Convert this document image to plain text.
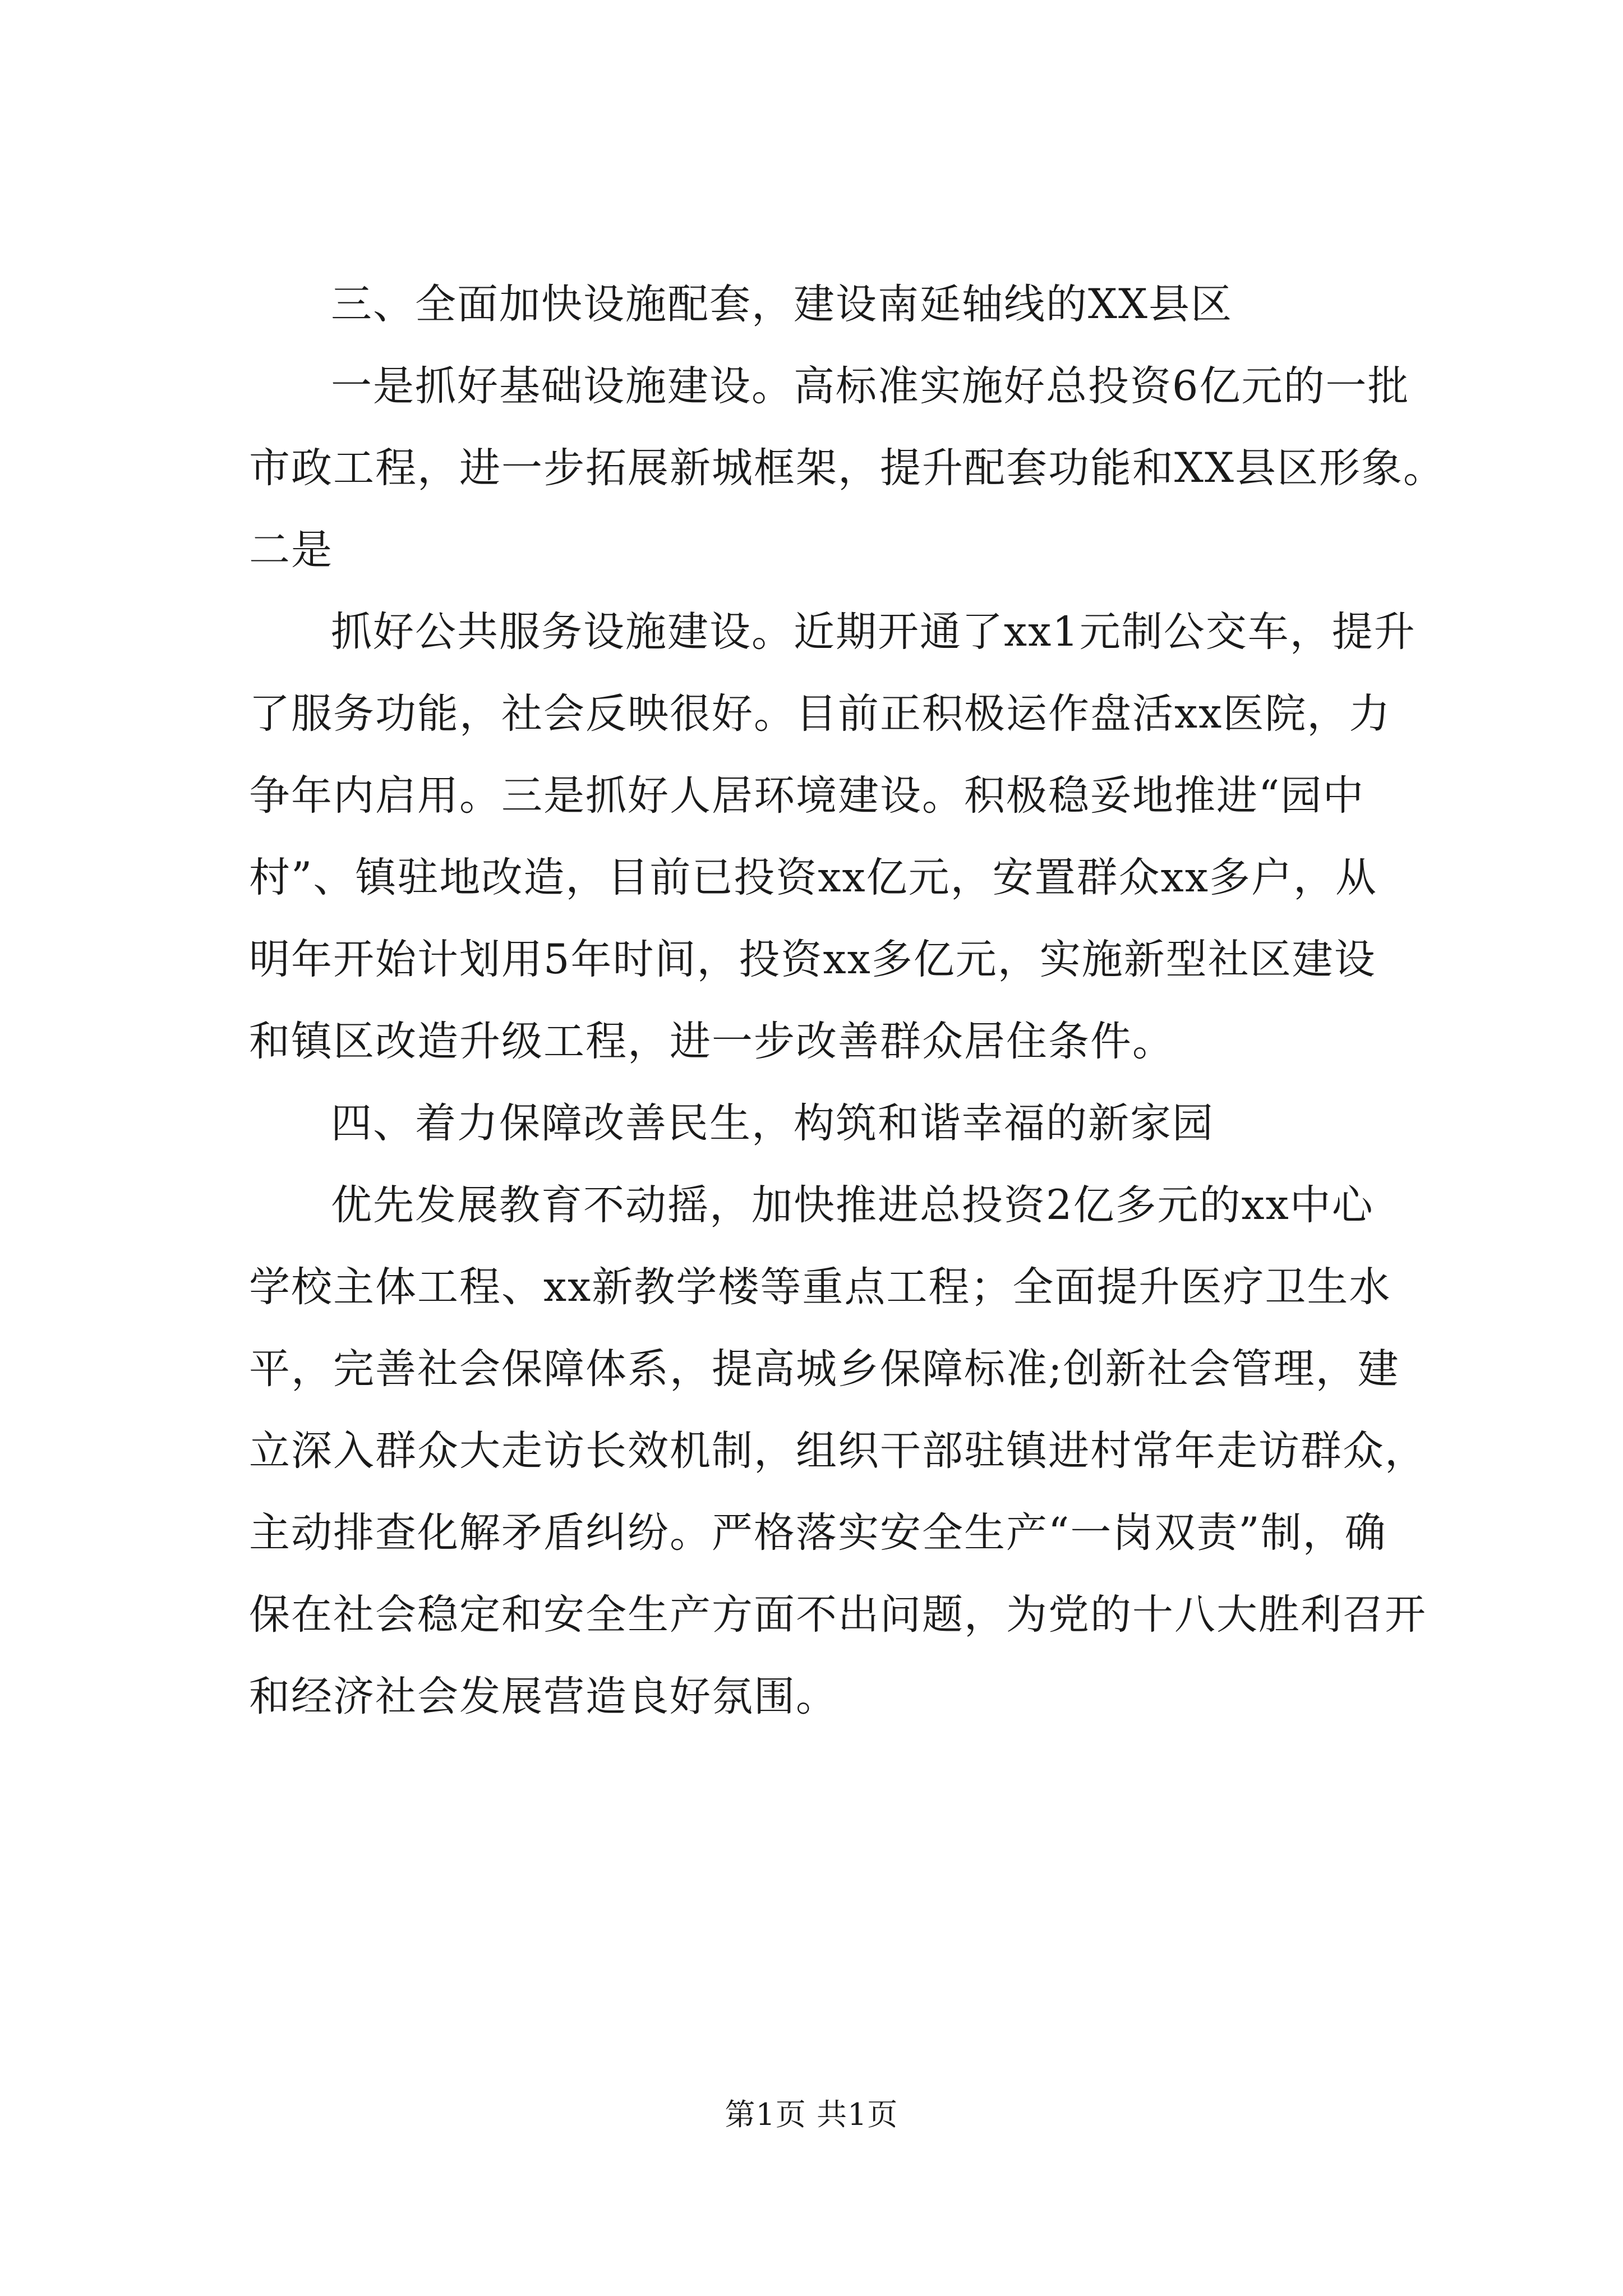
三、全面加快设施配套，建设南延轴线的XX县区
一是抓好基础设施建设。高标准实施好总投资6亿元的一批
市政工程，进一步拓展新城框架，提升配套功能和XX县区形象。
二是
抓好公共服务设施建设。近期开通了xx1元制公交车，提升
了服务功能，社会反映很好。目前正积极运作盘活xx医院，力
争年内启用。三是抓好人居环境建设。积极稳妥地推进“园中
村”、镇驻地改造，目前已投资xx亿元，安置群众xx多户，从
明年开始计划用5年时间，投资xx多亿元，实施新型社区建设
和镇区改造升级工程，进一步改善群众居住条件。
四、着力保障改善民生，构筑和谐幸福的新家园
优先发展教育不动摇，加快推进总投资2亿多元的xx中心
学校主体工程、xx新教学楼等重点工程；全面提升医疗卫生水
平，完善社会保障体系，提高城乡保障标准;创新社会管理，建
立深入群众大走访长效机制，组织干部驻镇进村常年走访群众，
主动排查化解矛盾纠纷。严格落实安全生产“一岗双责”制，确
保在社会稳定和安全生产方面不出问题，为党的十八大胜利召开
和经济社会发展营造良好氛围。
第1页 共1页
